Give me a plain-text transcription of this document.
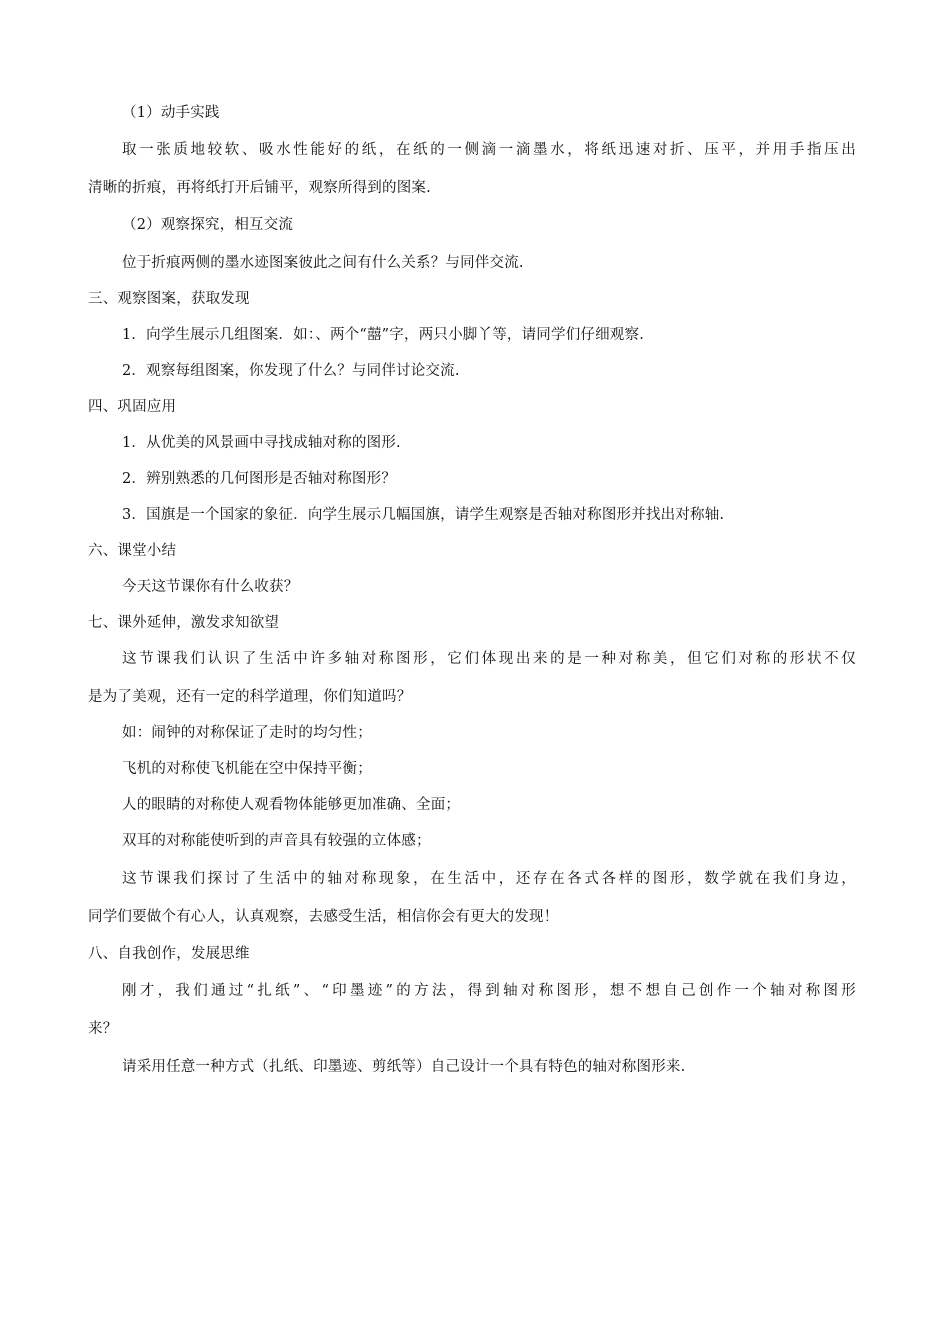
（1）动手实践
取一张质地较软、吸水性能好的纸，在纸的一侧滴一滴墨水，将纸迅速对折、压平，并用手指压出
清晰的折痕，再将纸打开后铺平，观察所得到的图案.
（2）观察探究，相互交流
位于折痕两侧的墨水迹图案彼此之间有什么关系？与同伴交流.
三、观察图案，获取发现
1．向学生展示几组图案．如：、两个“囍”字，两只小脚丫等，请同学们仔细观察.
2．观察每组图案，你发现了什么？与同伴讨论交流.
四、巩固应用
1．从优美的风景画中寻找成轴对称的图形.
2．辨别熟悉的几何图形是否轴对称图形？
3．国旗是一个国家的象征．向学生展示几幅国旗，请学生观察是否轴对称图形并找出对称轴.
六、课堂小结
今天这节课你有什么收获？
七、课外延伸，激发求知欲望
这节课我们认识了生活中许多轴对称图形，它们体现出来的是一种对称美，但它们对称的形状不仅
是为了美观，还有一定的科学道理，你们知道吗？
如：闹钟的对称保证了走时的均匀性；
飞机的对称使飞机能在空中保持平衡；
人的眼睛的对称使人观看物体能够更加准确、全面；
双耳的对称能使听到的声音具有较强的立体感；
这节课我们探讨了生活中的轴对称现象，在生活中，还存在各式各样的图形，数学就在我们身边，
同学们要做个有心人，认真观察，去感受生活，相信你会有更大的发现！
八、自我创作，发展思维
刚才，我们通过“扎纸”、“印墨迹”的方法，得到轴对称图形，想不想自己创作一个轴对称图形
来？
请采用任意一种方式（扎纸、印墨迹、剪纸等）自己设计一个具有特色的轴对称图形来.
